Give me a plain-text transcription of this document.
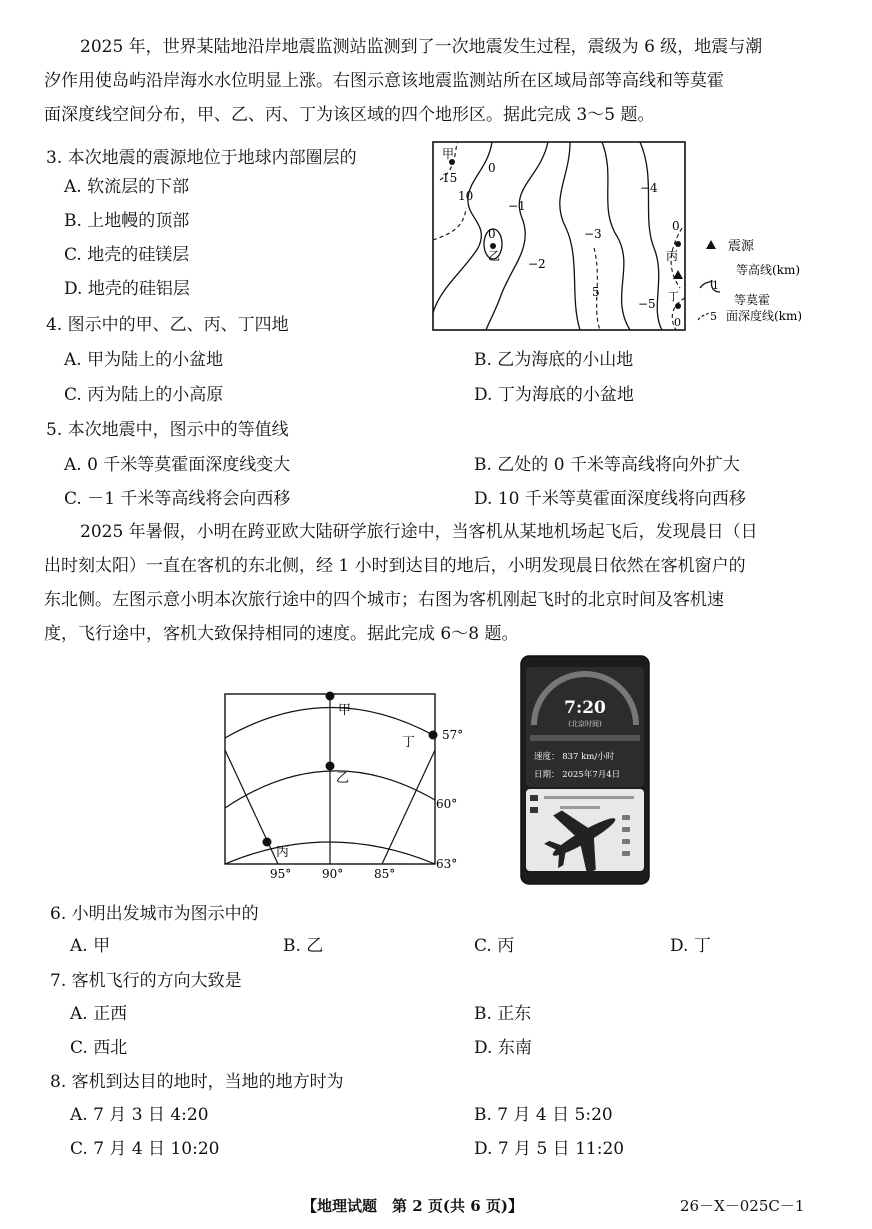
2025 年，世界某陆地沿岸地震监测站监测到了一次地震发生过程，震级为 6 级，地震与潮
汐作用使岛屿沿岸海水水位明显上涨。右图示意该地震监测站所在区域局部等高线和等莫霍
面深度线空间分布，甲、乙、丙、丁为该区域的四个地形区。据此完成 3～5 题。
3. 本次地震的震源地位于地球内部圈层的
A. 软流层的下部
B. 上地幔的顶部
C. 地壳的硅镁层
D. 地壳的硅铝层
甲
15
10
0
−1
0
乙
−2
−3
5
−4
0
丙
−5
丁
0
震源
1
等高线(km)
5
等莫霍
面深度线(km)
4. 图示中的甲、乙、丙、丁四地
A. 甲为陆上的小盆地	B. 乙为海底的小山地
C. 丙为陆上的小高原	D. 丁为海底的小盆地
5. 本次地震中，图示中的等值线
A. 0 千米等莫霍面深度线变大	B. 乙处的 0 千米等高线将向外扩大
C. －1 千米等高线将会向西移	D. 10 千米等莫霍面深度线将向西移
2025 年暑假，小明在跨亚欧大陆研学旅行途中，当客机从某地机场起飞后，发现晨日（日
出时刻太阳）一直在客机的东北侧，经 1 小时到达目的地后，小明发现晨日依然在客机窗户的
东北侧。左图示意小明本次旅行途中的四个城市；右图为客机刚起飞时的北京时间及客机速
度，飞行途中，客机大致保持相同的速度。据此完成 6～8 题。
甲
乙
丙
丁 57°
60°
63°
95°	90°	85°
7:20
(北京时间)
速度： 837 km/小时
日期： 2025年7月4日
6. 小明出发城市为图示中的
A. 甲	B. 乙	C. 丙	D. 丁
7. 客机飞行的方向大致是
A. 正西	B. 正东
C. 西北	D. 东南
8. 客机到达目的地时，当地的地方时为
A. 7 月 3 日 4:20	B. 7 月 4 日 5:20
C. 7 月 4 日 10:20	D. 7 月 5 日 11:20
【地理试题　第 2 页(共 6 页)】	26－X－025C－1
